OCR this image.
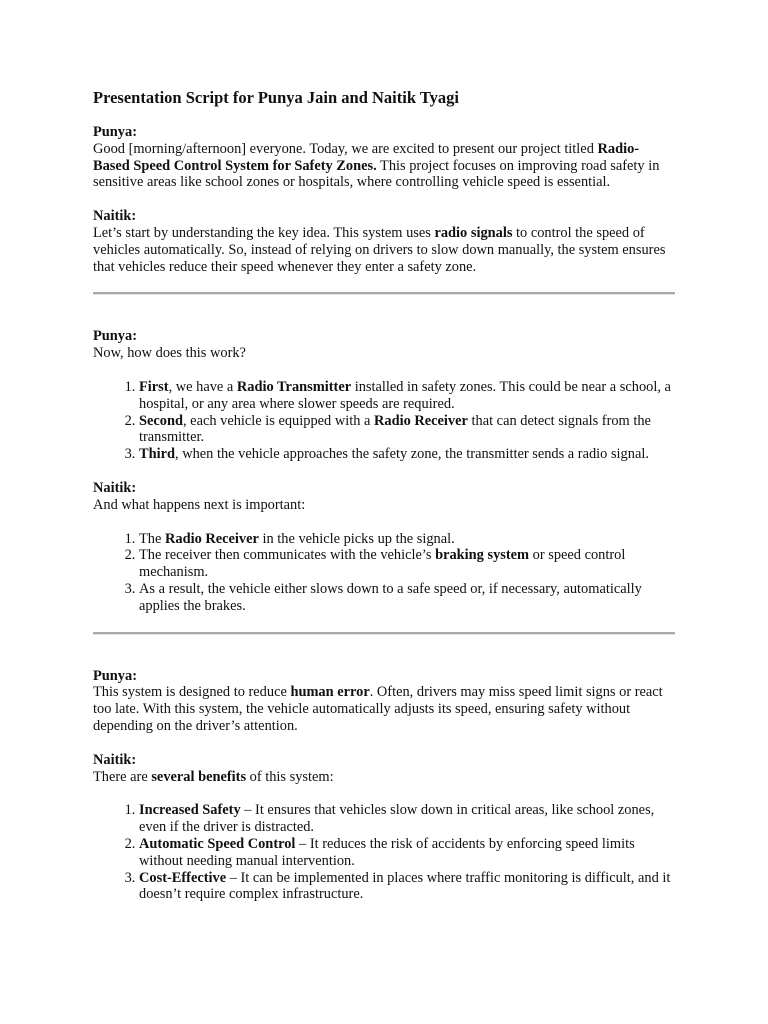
Presentation Script for Punya Jain and Naitik Tyagi
Punya:
Good [morning/afternoon] everyone. Today, we are excited to present our project titled Radio-Based Speed Control System for Safety Zones. This project focuses on improving road safety in sensitive areas like school zones or hospitals, where controlling vehicle speed is essential.
Naitik:
Let’s start by understanding the key idea. This system uses radio signals to control the speed of vehicles automatically. So, instead of relying on drivers to slow down manually, the system ensures that vehicles reduce their speed whenever they enter a safety zone.
Punya:
Now, how does this work?
1. First, we have a Radio Transmitter installed in safety zones. This could be near a school, a hospital, or any area where slower speeds are required.
2. Second, each vehicle is equipped with a Radio Receiver that can detect signals from the transmitter.
3. Third, when the vehicle approaches the safety zone, the transmitter sends a radio signal.
Naitik:
And what happens next is important:
1. The Radio Receiver in the vehicle picks up the signal.
2. The receiver then communicates with the vehicle’s braking system or speed control mechanism.
3. As a result, the vehicle either slows down to a safe speed or, if necessary, automatically applies the brakes.
Punya:
This system is designed to reduce human error. Often, drivers may miss speed limit signs or react too late. With this system, the vehicle automatically adjusts its speed, ensuring safety without depending on the driver’s attention.
Naitik:
There are several benefits of this system:
1. Increased Safety – It ensures that vehicles slow down in critical areas, like school zones, even if the driver is distracted.
2. Automatic Speed Control – It reduces the risk of accidents by enforcing speed limits without needing manual intervention.
3. Cost-Effective – It can be implemented in places where traffic monitoring is difficult, and it doesn’t require complex infrastructure.
